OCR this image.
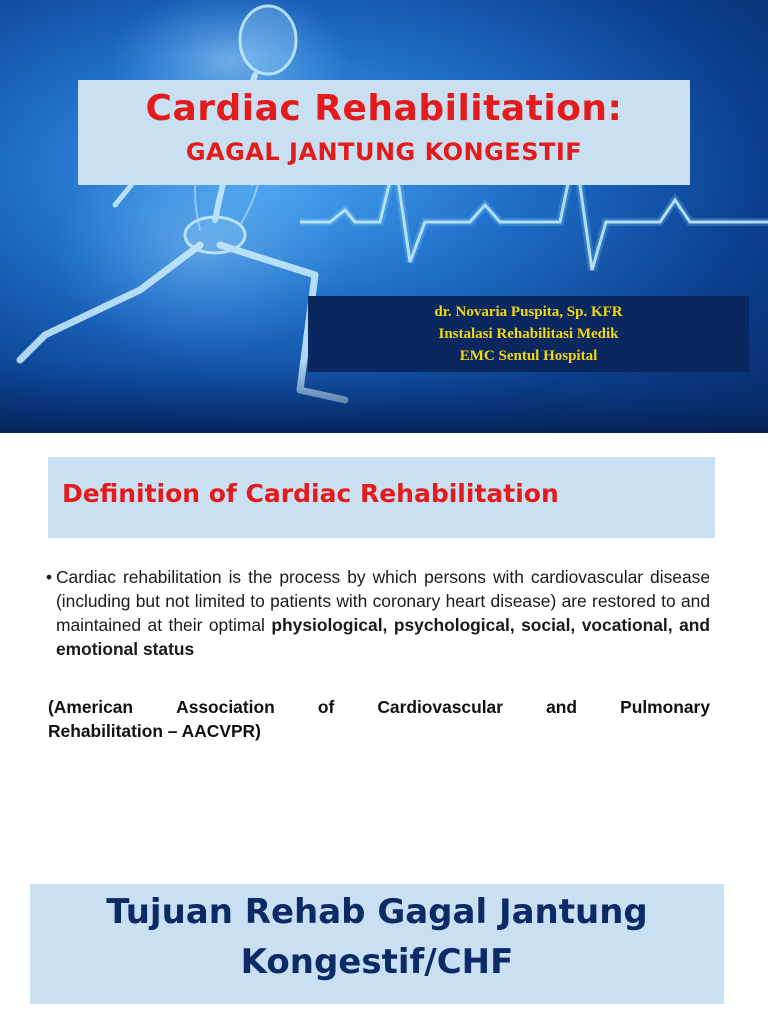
Cardiac Rehabilitation:
GAGAL JANTUNG KONGESTIF
dr. Novaria Puspita, Sp. KFR
Instalasi Rehabilitasi Medik
EMC Sentul Hospital
Definition of Cardiac Rehabilitation
• Cardiac rehabilitation is the process by which persons with cardiovascular disease (including but not limited to patients with coronary heart disease) are restored to and maintained at their optimal physiological, psychological, social, vocational, and emotional status
(American Association of Cardiovascular and Pulmonary
Rehabilitation – AACVPR)
Tujuan Rehab Gagal Jantung
Kongestif/CHF
